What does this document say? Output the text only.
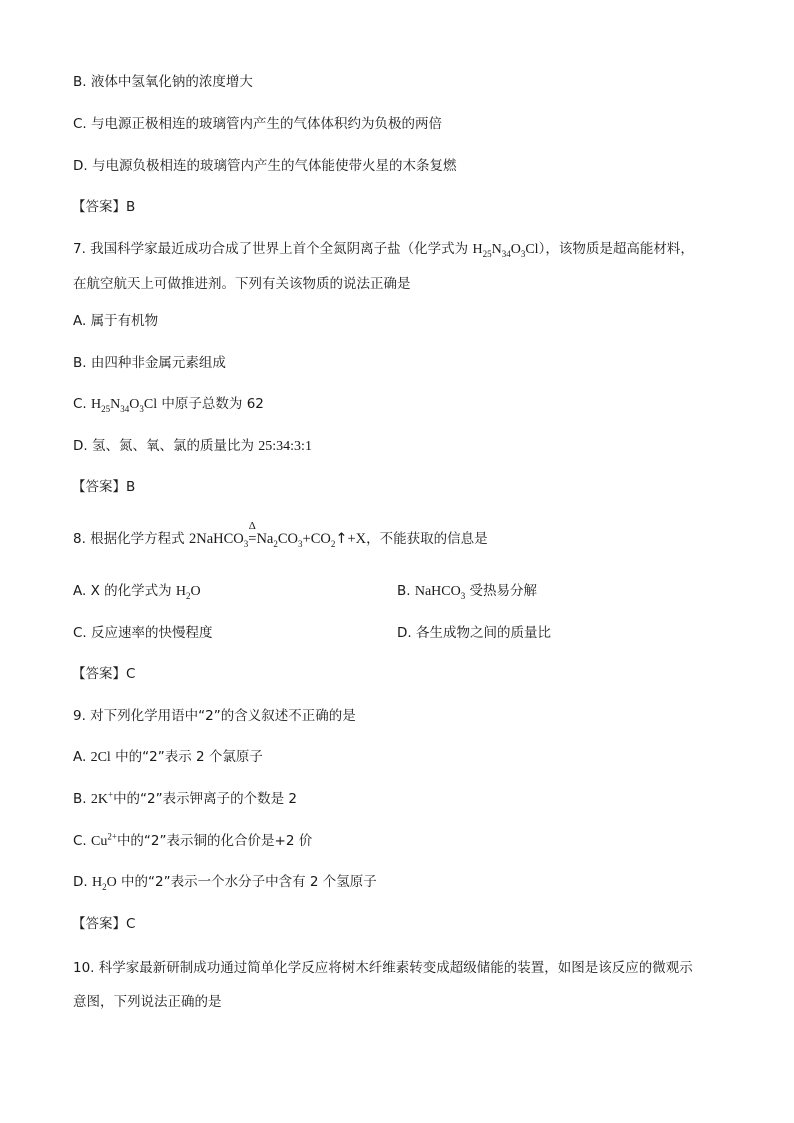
B. 液体中氢氧化钠的浓度增大
C. 与电源正极相连的玻璃管内产生的气体体积约为负极的两倍
D. 与电源负极相连的玻璃管内产生的气体能使带火星的木条复燃
【答案】B
7. 我国科学家最近成功合成了世界上首个全氮阴离子盐（化学式为 $H_{25}N_{34}O_3Cl$），该物质是超高能材料，
在航空航天上可做推进剂。下列有关该物质的说法正确是
A. 属于有机物
B. 由四种非金属元素组成
C. $H_{25}N_{34}O_3Cl$ 中原子总数为 62
D. 氢、氮、氧、氯的质量比为 25:34:3:1
【答案】B
8. 根据化学方程式 2NaHCO$_3$
Δ
$=Na_2CO_3+CO_2↑+X$，不能获取的信息是
A. X 的化学式为 $H_2O$	B. NaHCO$_3$ 受热易分解
C. 反应速率的快慢程度	D. 各生成物之间的质量比
【答案】C
9. 对下列化学用语中“2”的含义叙述不正确的是
A. 2Cl 中的“2”表示 2 个氯原子
B. 2K+中的“2”表示钾离子的个数是 2
C. $Cu^{2+}$中的“2”表示铜的化合价是+2 价
D. $H_2O$ 中的“2”表示一个水分子中含有 2 个氢原子
【答案】C
10. 科学家最新研制成功通过简单化学反应将树木纤维素转变成超级储能的装置，如图是该反应的微观示
意图，下列说法正确的是
